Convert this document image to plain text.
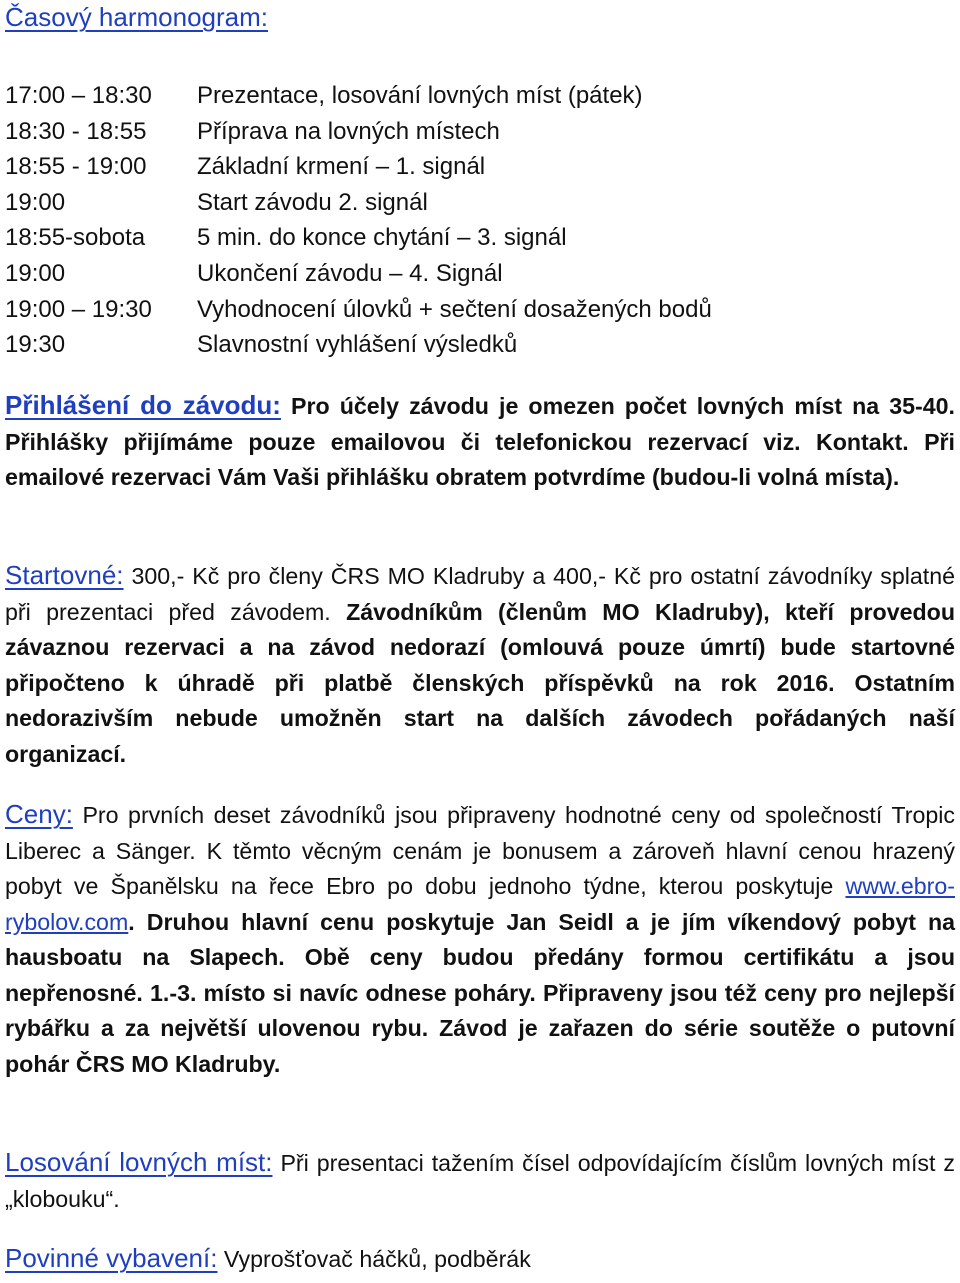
Časový harmonogram:
17:00 – 18:30 Prezentace, losování lovných míst (pátek)
18:30 - 18:55 Příprava na lovných místech
18:55 - 19:00 Základní krmení – 1. signál
19:00	Start závodu 2. signál
18:55-sobota 5 min. do konce chytání – 3. signál
19:00	Ukončení závodu – 4. Signál
19:00 – 19:30 Vyhodnocení úlovků + sečtení dosažených bodů
19:30	Slavnostní vyhlášení výsledků
Přihlášení do závodu: Pro účely závodu je omezen počet lovných míst na 35-40. Přihlášky přijímáme pouze emailovou či telefonickou rezervací viz. Kontakt. Při emailové rezervaci Vám Vaši přihlášku obratem potvrdíme (budou-li volná místa).
Startovné: 300,- Kč pro členy ČRS MO Kladruby a 400,- Kč pro ostatní závodníky splatné při prezentaci před závodem. Závodníkům (členům MO Kladruby), kteří provedou závaznou rezervaci a na závod nedorazí (omlouvá pouze úmrtí) bude startovné připočteno k úhradě při platbě členských příspěvků na rok 2016. Ostatním nedorazivším nebude umožněn start na dalších závodech pořádaných naší organizací.
Ceny: Pro prvních deset závodníků jsou připraveny hodnotné ceny od společností Tropic Liberec a Sänger. K těmto věcným cenám je bonusem a zároveň hlavní cenou hrazený pobyt ve Španělsku na řece Ebro po dobu jednoho týdne, kterou poskytuje www.ebro-rybolov.com. Druhou hlavní cenu poskytuje Jan Seidl a je jím víkendový pobyt na hausboatu na Slapech. Obě ceny budou předány formou certifikátu a jsou nepřenosné. 1.-3. místo si navíc odnese poháry. Připraveny jsou též ceny pro nejlepší rybářku a za největší ulovenou rybu. Závod je zařazen do série soutěže o putovní pohár ČRS MO Kladruby.
Losování lovných míst: Při presentaci tažením čísel odpovídajícím číslům lovných míst z „klobouku“.
Povinné vybavení: Vyprošťovač háčků, podběrák
